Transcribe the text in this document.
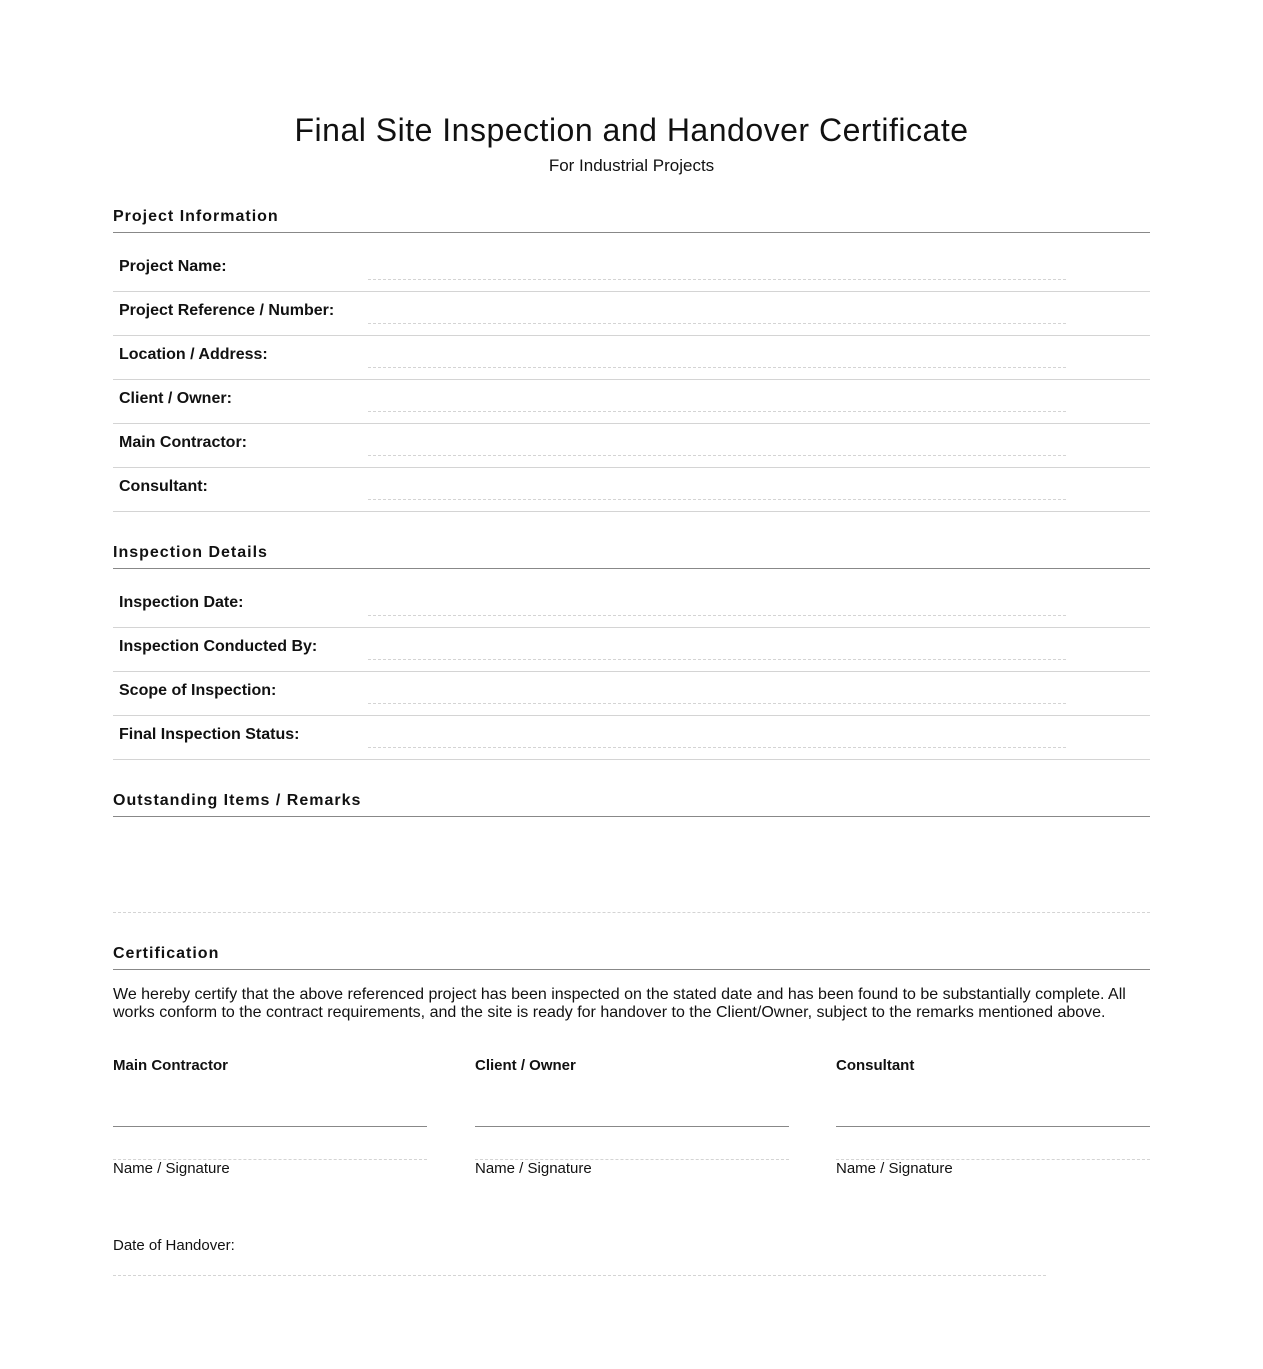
Final Site Inspection and Handover Certificate
For Industrial Projects
Project Information
Project Name:
Project Reference / Number:
Location / Address:
Client / Owner:
Main Contractor:
Consultant:
Inspection Details
Inspection Date:
Inspection Conducted By:
Scope of Inspection:
Final Inspection Status:
Outstanding Items / Remarks
Certification

We hereby certify that the above referenced project has been inspected on the stated date and has been found to be substantially complete. All works conform to the contract requirements, and the site is ready for handover to the Client/Owner, subject to the remarks mentioned above.

Main Contractor
Name / Signature
Client / Owner
Name / Signature
Consultant
Name / Signature
Date of Handover:
